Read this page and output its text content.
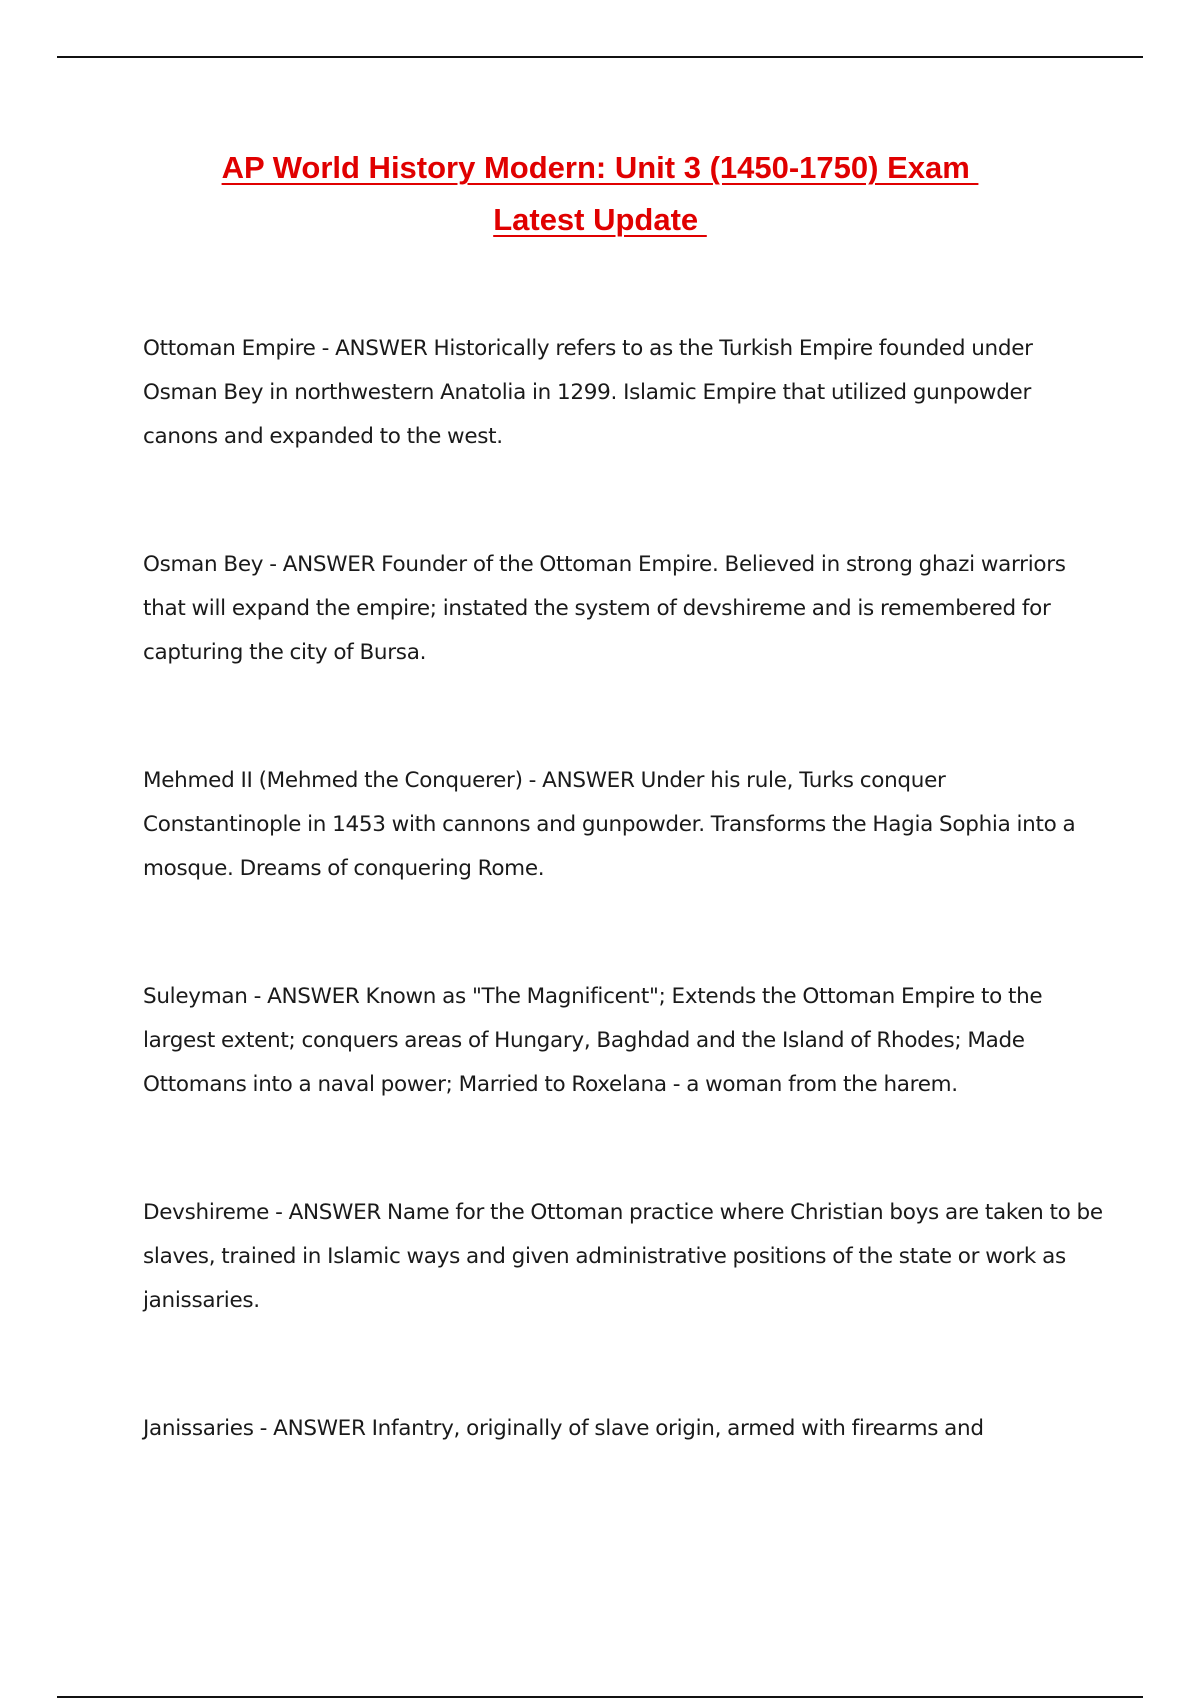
AP World History Modern: Unit 3 (1450-1750) Exam
Latest Update

Ottoman Empire - ANSWER Historically refers to as the Turkish Empire founded under Osman Bey in northwestern Anatolia in 1299. Islamic Empire that utilized gunpowder canons and expanded to the west.

Osman Bey - ANSWER Founder of the Ottoman Empire. Believed in strong ghazi warriors that will expand the empire; instated the system of devshireme and is remembered for capturing the city of Bursa.

Mehmed II (Mehmed the Conquerer) - ANSWER Under his rule, Turks conquer Constantinople in 1453 with cannons and gunpowder. Transforms the Hagia Sophia into a mosque. Dreams of conquering Rome.

Suleyman - ANSWER Known as "The Magnificent"; Extends the Ottoman Empire to the largest extent; conquers areas of Hungary, Baghdad and the Island of Rhodes; Made Ottomans into a naval power; Married to Roxelana - a woman from the harem.

Devshireme - ANSWER Name for the Ottoman practice where Christian boys are taken to be slaves, trained in Islamic ways and given administrative positions of the state or work as janissaries.

Janissaries - ANSWER Infantry, originally of slave origin, armed with firearms and
